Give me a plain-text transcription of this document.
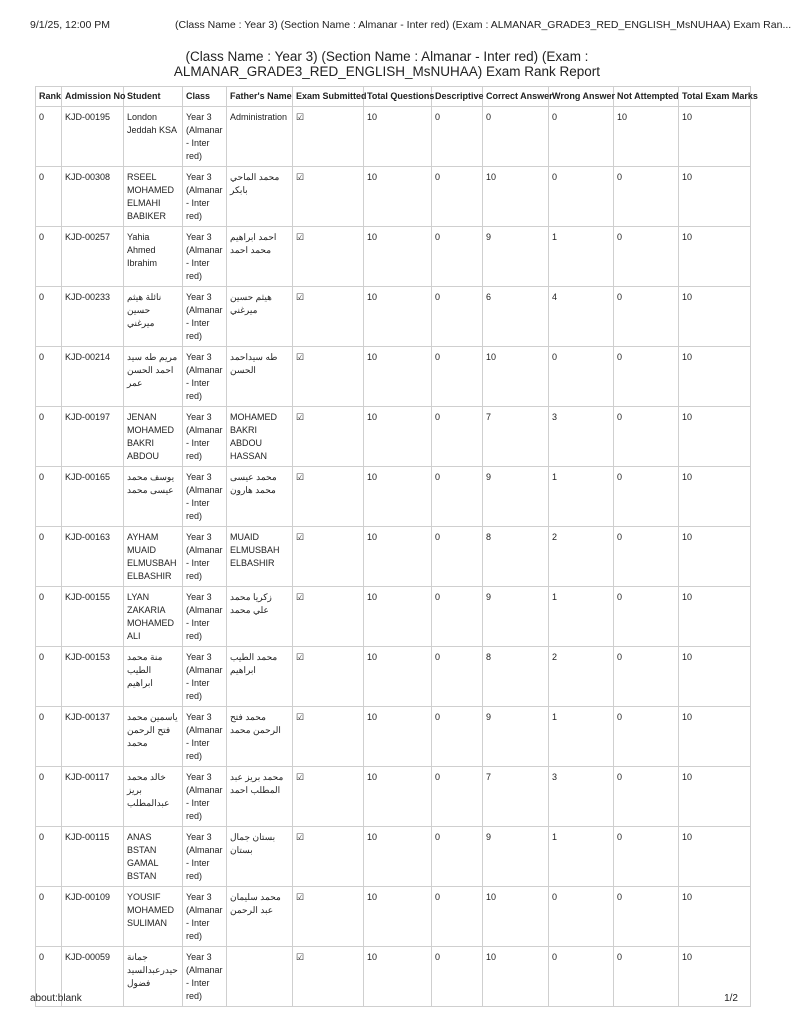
9/1/25, 12:00 PM	(Class Name : Year 3) (Section Name : Almanar - Inter red) (Exam : ALMANAR_GRADE3_RED_ENGLISH_MsNUHAA) Exam Ran...
(Class Name : Year 3) (Section Name : Almanar - Inter red) (Exam : ALMANAR_GRADE3_RED_ENGLISH_MsNUHAA) Exam Rank Report
Rank	Admission No	Student	Class	Father's Name	Exam Submitted	Total Questions	Descriptive	Correct Answer	Wrong Answer	Not Attempted	Total Exam Marks
0	KJD-00195	London Jeddah KSA	Year 3 (Almanar - Inter red)	Administration	☑	10	0	0	0	10	10
0	KJD-00308	RSEEL MOHAMED ELMAHI BABIKER	Year 3 (Almanar - Inter red)	محمد الماحي بابكر	☑	10	0	10	0	0	10
0	KJD-00257	Yahia Ahmed Ibrahim	Year 3 (Almanar - Inter red)	احمد ابراهيم محمد احمد	☑	10	0	9	1	0	10
0	KJD-00233	نائلة هيثم حسين ميرغني	Year 3 (Almanar - Inter red)	هيثم حسين ميرغني	☑	10	0	6	4	0	10
0	KJD-00214	مريم طه سيد احمد الحسن عمر	Year 3 (Almanar - Inter red)	طه سيداحمد الحسن	☑	10	0	10	0	0	10
0	KJD-00197	JENAN MOHAMED BAKRI ABDOU	Year 3 (Almanar - Inter red)	MOHAMED BAKRI ABDOU HASSAN	☑	10	0	7	3	0	10
0	KJD-00165	يوسف محمد عيسى محمد	Year 3 (Almanar - Inter red)	محمد عيسى محمد هارون	☑	10	0	9	1	0	10
0	KJD-00163	AYHAM MUAID ELMUSBAH ELBASHIR	Year 3 (Almanar - Inter red)	MUAID ELMUSBAH ELBASHIR	☑	10	0	8	2	0	10
0	KJD-00155	LYAN ZAKARIA MOHAMED ALI	Year 3 (Almanar - Inter red)	زكريا محمد علي محمد	☑	10	0	9	1	0	10
0	KJD-00153	منة محمد الطيب ابراهيم	Year 3 (Almanar - Inter red)	محمد الطيب ابراهيم	☑	10	0	8	2	0	10
0	KJD-00137	ياسمين محمد فتح الرحمن محمد	Year 3 (Almanar - Inter red)	محمد فتح الرحمن محمد	☑	10	0	9	1	0	10
0	KJD-00117	خالد محمد بريز عبدالمطلب	Year 3 (Almanar - Inter red)	محمد بريز عبد المطلب احمد	☑	10	0	7	3	0	10
0	KJD-00115	ANAS BSTAN GAMAL BSTAN	Year 3 (Almanar - Inter red)	بستان جمال بستان	☑	10	0	9	1	0	10
0	KJD-00109	YOUSIF MOHAMED SULIMAN	Year 3 (Almanar - Inter red)	محمد سليمان عبد الرحمن	☑	10	0	10	0	0	10
0	KJD-00059	جمانة حيدرعبدالسيد فضول	Year 3 (Almanar - Inter red)		☑	10	0	10	0	0	10
about:blank	1/2
